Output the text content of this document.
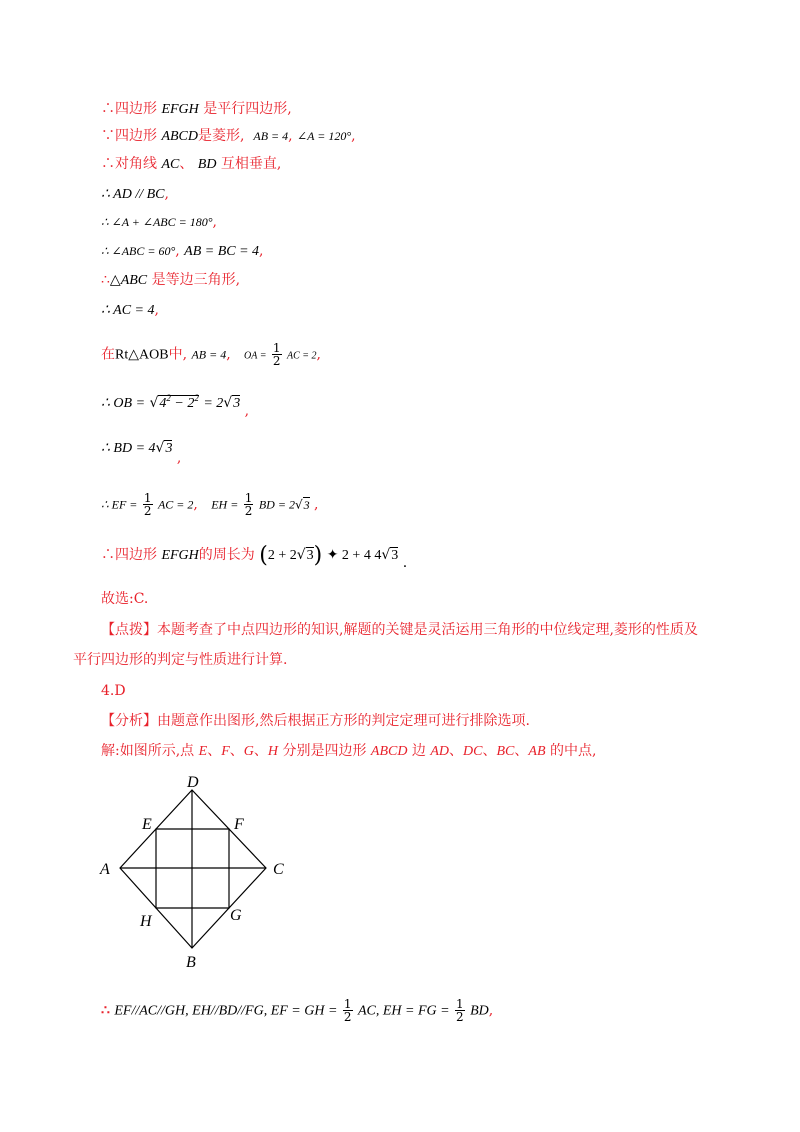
∴四边形 EFGH 是平行四边形,
∵四边形 ABCD是菱形, AB = 4, ∠A = 120°,
∴对角线 AC、 BD 互相垂直,
∴ AD // BC,
∴ ∠A + ∠ABC = 180°,
∴ ∠ABC = 60°, AB = BC = 4,
∴△ABC 是等边三角形,
∴ AC = 4,
在Rt△AOB中, AB = 4, OA = $\frac{1}{2}$ AC = 2,
∴ OB = $√4^2 - 2^2 = 2√3$ ,
∴ BD = 4√3 ,
∴ EF = $\frac{1}{2}$ AC = 2, EH = $\frac{1}{2}$ BD = 2√3 ,
∴四边形 EFGH的周长为 (2 + 2√3) ✦ 2 + 4 4√3 .
故选:C.
【点拨】本题考查了中点四边形的知识,解题的关键是灵活运用三角形的中位线定理,菱形的性质及
平行四边形的判定与性质进行计算.
4.D
【分析】由题意作出图形,然后根据正方形的判定定理可进行排除选项.
解:如图所示,点 E、F、G、H 分别是四边形 ABCD 边 AD、DC、BC、AB 的中点,
D
E	F
A	C
H	G
B
∴ EF//AC//GH, EH//BD//FG, EF = GH = $\frac{1}{2}$ AC, EH = FG = $\frac{1}{2}$ BD,
